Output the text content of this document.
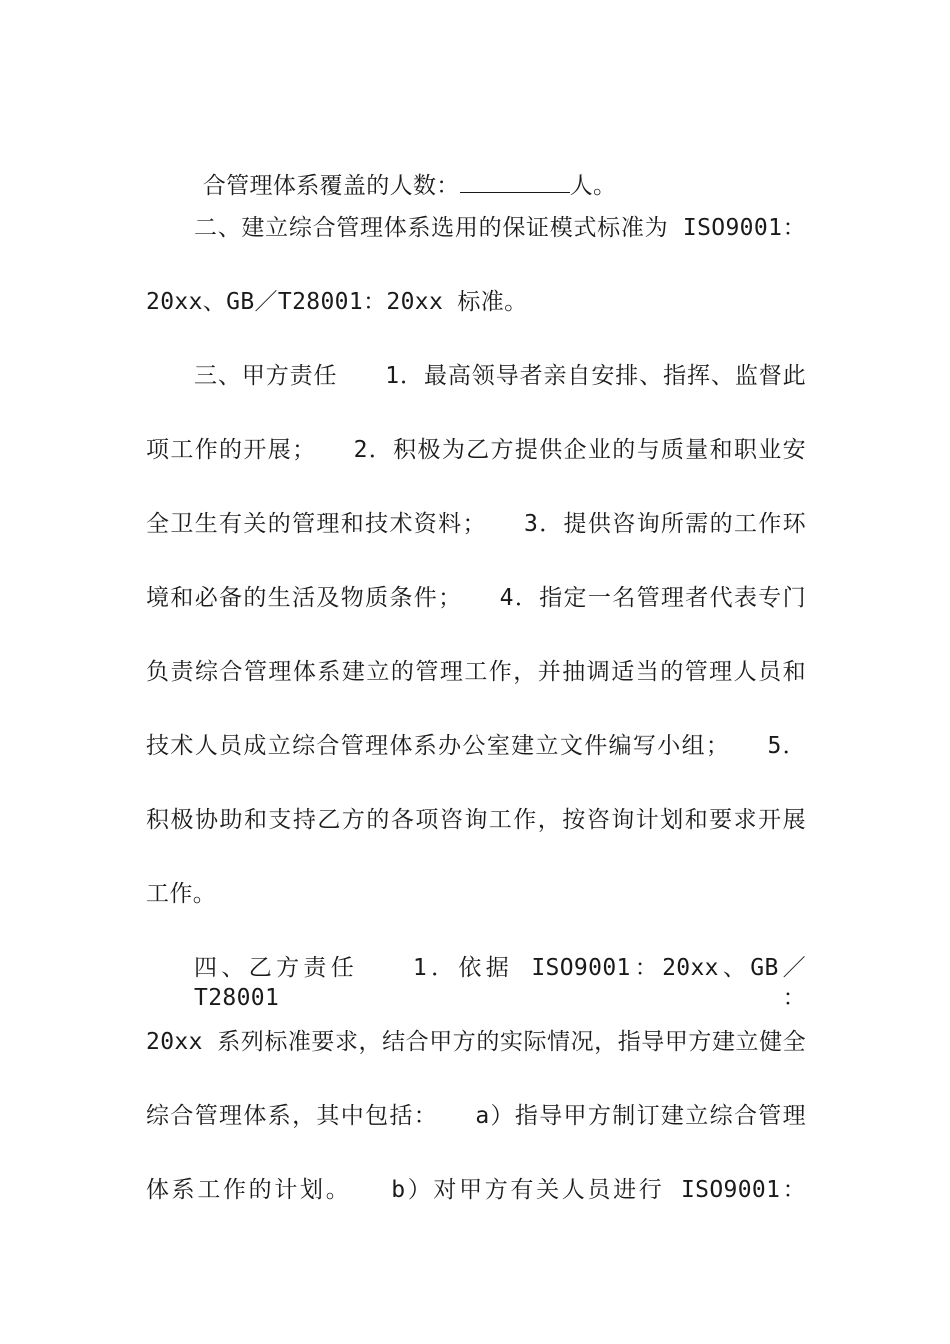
合管理体系覆盖的人数：	人。

二、建立综合管理体系选用的保证模式标准为 ISO9001：
20xx、GB／T28001：20xx 标准。
三、甲方责任　　1．最高领导者亲自安排、指挥、监督此
项工作的开展；　　2．积极为乙方提供企业的与质量和职业安
全卫生有关的管理和技术资料；　　3．提供咨询所需的工作环
境和必备的生活及物质条件；　　4．指定一名管理者代表专门
负责综合管理体系建立的管理工作，并抽调适当的管理人员和
技术人员成立综合管理体系办公室建立文件编写小组；　　5．
积极协助和支持乙方的各项咨询工作，按咨询计划和要求开展
工作。
四、乙方责任　　1．依据 ISO9001：20xx、GB／T28001：
20xx 系列标准要求，结合甲方的实际情况，指导甲方建立健全
综合管理体系，其中包括：　　a）指导甲方制订建立综合管理
体系工作的计划。　　b）对甲方有关人员进行 ISO9001：
